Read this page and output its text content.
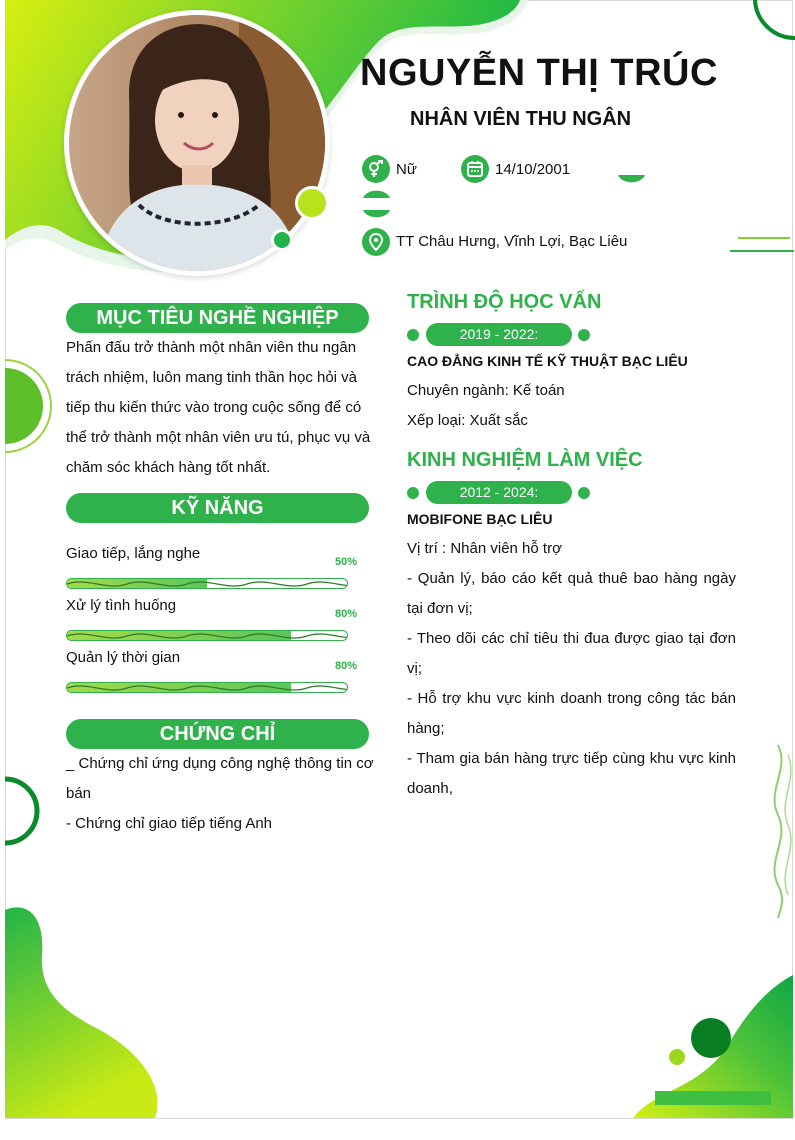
NGUYỄN THỊ TRÚC
NHÂN VIÊN THU NGÂN
Nữ	14/10/2001
TT Châu Hưng, Vĩnh Lợi, Bạc Liêu
MỤC TIÊU NGHỀ NGHIỆP
Phấn đấu trở thành một nhân viên thu ngân
trách nhiệm, luôn mang tinh thần học hỏi và
tiếp thu kiến thức vào trong cuộc sống để có
thể trở thành một nhân viên ưu tú, phục vụ và
chăm sóc khách hàng tốt nhất.
KỸ NĂNG
Giao tiếp, lắng nghe	50%
Xử lý tình huống	80%
Quản lý thời gian	80%
CHỨNG CHỈ
_ Chứng chỉ ứng dụng công nghệ thông tin cơ
bán
- Chứng chỉ giao tiếp tiếng Anh
TRÌNH ĐỘ HỌC VẤN
2019 - 2022:
CAO ĐẲNG KINH TẾ KỸ THUẬT BẠC LIÊU
Chuyên ngành: Kế toán
Xếp loại: Xuất sắc
KINH NGHIỆM LÀM VIỆC
2012 - 2024:
MOBIFONE BẠC LIÊU
Vị trí : Nhân viên hỗ trợ
- Quản lý, báo cáo kết quả thuê bao hàng ngày tại đơn vị;
- Theo dõi các chỉ tiêu thi đua được giao tại đơn vị;
- Hỗ trợ khu vực kinh doanh trong công tác bán hàng;
- Tham gia bán hàng trực tiếp cùng khu vực kinh doanh,
